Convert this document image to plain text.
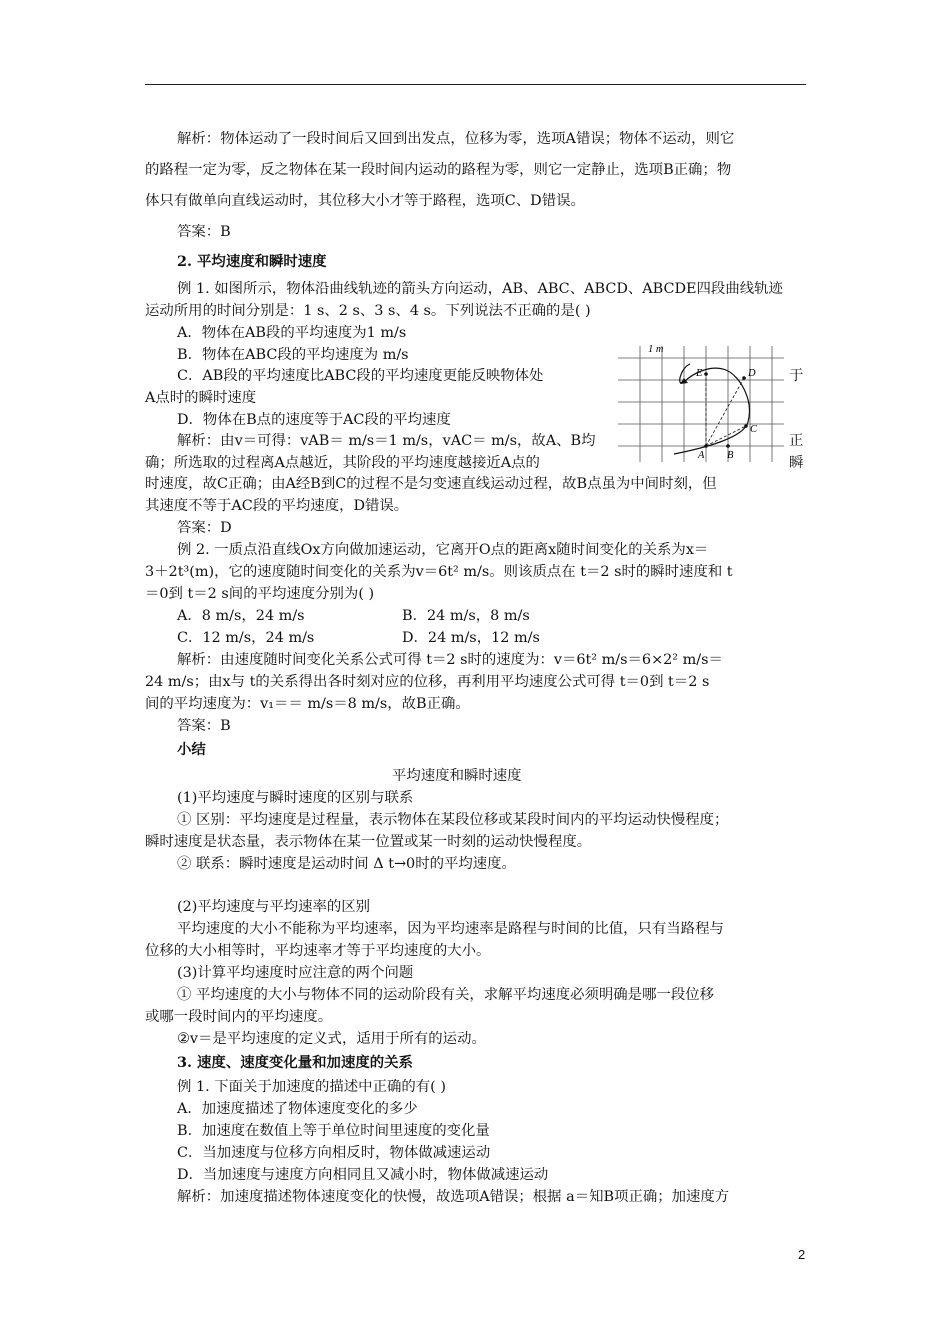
解析：物体运动了一段时间后又回到出发点，位移为零，选项A错误；物体不运动，则它
的路程一定为零，反之物体在某一段时间内运动的路程为零，则它一定静止，选项B正确；物
体只有做单向直线运动时，其位移大小才等于路程，选项C、D错误。
答案：B
2. 平均速度和瞬时速度
例 1. 如图所示，物体沿曲线轨迹的箭头方向运动，AB、ABC、ABCD、ABCDE四段曲线轨迹
运动所用的时间分别是：1 s、2 s、3 s、4 s。下列说法不正确的是( )
A．物体在AB段的平均速度为1 m/s
B．物体在ABC段的平均速度为 m/s
C．AB段的平均速度比ABC段的平均速度更能反映物体处	于
A点时的瞬时速度
D．物体在B点的速度等于AC段的平均速度
解析：由v＝可得：vAB＝ m/s＝1 m/s，vAC＝ m/s，故A、B均	正
确；所选取的过程离A点越近，其阶段的平均速度越接近A点的	瞬
时速度，故C正确；由A经B到C的过程不是匀变速直线运动过程，故B点虽为中间时刻，但
其速度不等于AC段的平均速度，D错误。
答案：D
例 2. 一质点沿直线Ox方向做加速运动，它离开O点的距离x随时间变化的关系为x＝
3＋2t³(m)，它的速度随时间变化的关系为v＝6t² m/s。则该质点在 t＝2 s时的瞬时速度和 t
＝0到 t＝2 s间的平均速度分别为( )
A．8 m/s，24 m/s	B．24 m/s，8 m/s
C．12 m/s，24 m/s	D．24 m/s，12 m/s
解析：由速度随时间变化关系公式可得 t＝2 s时的速度为：v＝6t² m/s＝6×2² m/s＝
24 m/s；由x与 t的关系得出各时刻对应的位移，再利用平均速度公式可得 t＝0到 t＝2 s
间的平均速度为：v₁＝＝ m/s＝8 m/s，故B正确。
答案：B
小结
平均速度和瞬时速度
(1)平均速度与瞬时速度的区别与联系
① 区别：平均速度是过程量，表示物体在某段位移或某段时间内的平均运动快慢程度；
瞬时速度是状态量，表示物体在某一位置或某一时刻的运动快慢程度。
② 联系：瞬时速度是运动时间 Δ t→0时的平均速度。
(2)平均速度与平均速率的区别
平均速度的大小不能称为平均速率，因为平均速率是路程与时间的比值，只有当路程与
位移的大小相等时，平均速率才等于平均速度的大小。
(3)计算平均速度时应注意的两个问题
① 平均速度的大小与物体不同的运动阶段有关，求解平均速度必须明确是哪一段位移
或哪一段时间内的平均速度。
②v＝是平均速度的定义式，适用于所有的运动。
3. 速度、速度变化量和加速度的关系
例 1. 下面关于加速度的描述中正确的有( )
A．加速度描述了物体速度变化的多少
B．加速度在数值上等于单位时间里速度的变化量
C．当加速度与位移方向相反时，物体做减速运动
D．当加速度与速度方向相同且又减小时，物体做减速运动
解析：加速度描述物体速度变化的快慢，故选项A错误；根据 a＝知B项正确；加速度方
1 m
A B
C
D
E
2
